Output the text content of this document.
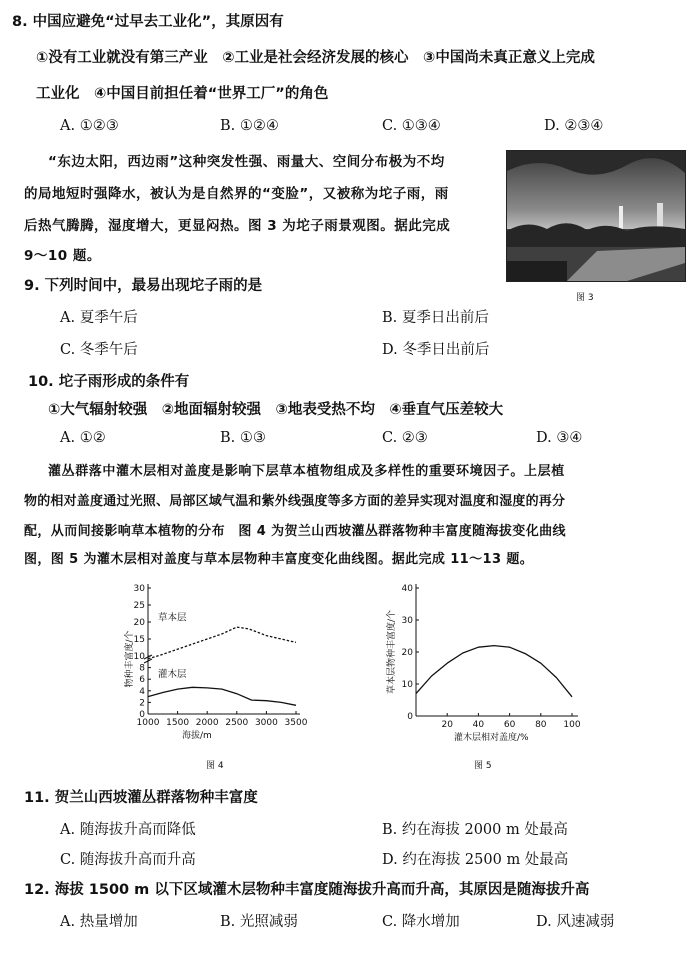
8. 中国应避免“过早去工业化”，其原因有
①没有工业就没有第三产业　②工业是社会经济发展的核心　③中国尚未真正意义上完成
工业化　④中国目前担任着“世界工厂”的角色
A. ①②③	B. ①②④	C. ①③④	D. ②③④
“东边太阳，西边雨”这种突发性强、雨量大、空间分布极为不均
的局地短时强降水，被认为是自然界的“变脸”，又被称为坨子雨，雨
后热气腾腾，湿度增大，更显闷热。图 3 为坨子雨景观图。据此完成
9～10 题。
图 3
9. 下列时间中，最易出现坨子雨的是
A. 夏季午后	B. 夏季日出前后
C. 冬季午后	D. 冬季日出前后
10. 坨子雨形成的条件有
①大气辐射较强　②地面辐射较强　③地表受热不均　④垂直气压差较大
A. ①②	B. ①③	C. ②③	D. ③④
灌丛群落中灌木层相对盖度是影响下层草本植物组成及多样性的重要环境因子。上层植
物的相对盖度通过光照、局部区域气温和紫外线强度等多方面的差异实现对温度和湿度的再分
配，从而间接影响草本植物的分布　图 4 为贺兰山西坡灌丛群落物种丰富度随海拔变化曲线
图，图 5 为灌木层相对盖度与草本层物种丰富度变化曲线图。据此完成 11～13 题。
0
2
4
6
8
10
15
20
25
30
1000 1500 2000 2500 3000 3500
海拔/m
物种丰富度/个
草本层
灌木层
图 4
0
10
20
30
40
20 40 60 80 100
灌木层相对盖度/%
草本层物种丰富度/个
图 5
11. 贺兰山西坡灌丛群落物种丰富度
A. 随海拔升高而降低	B. 约在海拔 2000 m 处最高
C. 随海拔升高而升高	D. 约在海拔 2500 m 处最高
12. 海拔 1500 m 以下区域灌木层物种丰富度随海拔升高而升高，其原因是随海拔升高
A. 热量增加	B. 光照减弱	C. 降水增加	D. 风速减弱
